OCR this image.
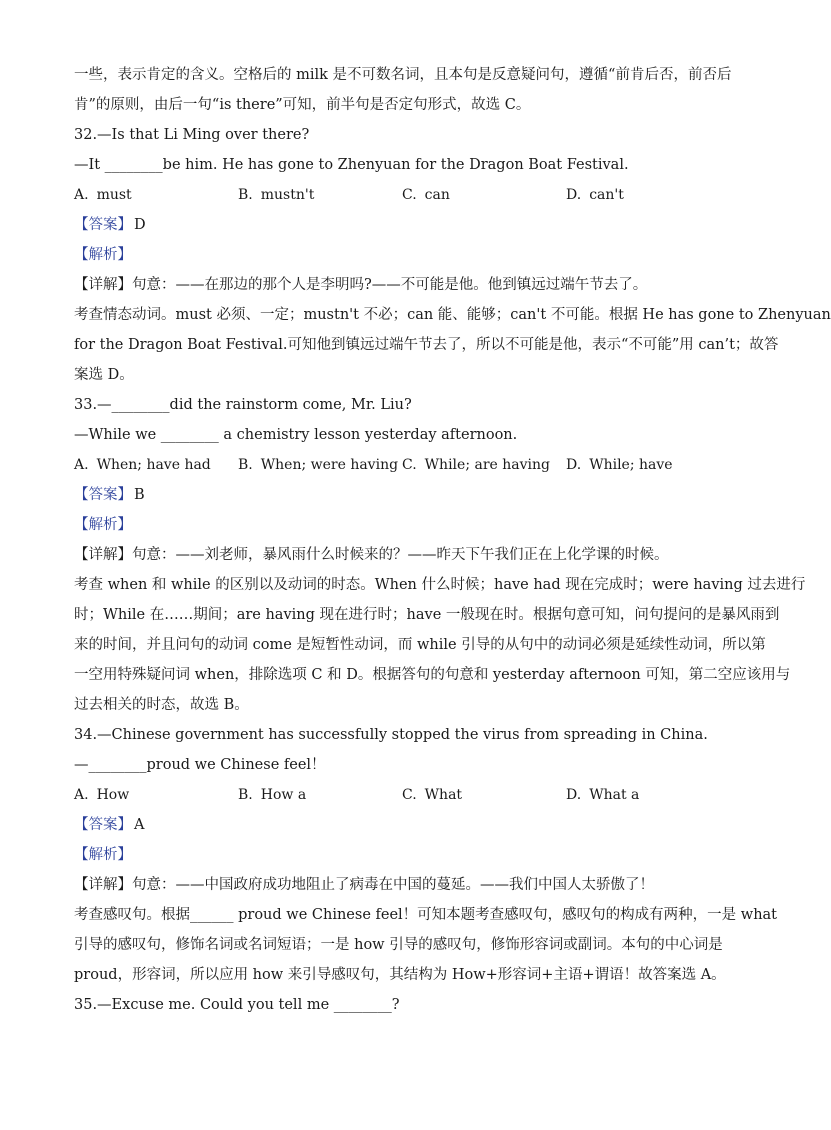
一些，表示肯定的含义。空格后的 milk 是不可数名词，且本句是反意疑问句，遵循“前肯后否，前否后
肯”的原则，由后一句“is there”可知，前半句是否定句形式，故选 C。
32.—Is that Li Ming over there?
—It ________be him. He has gone to Zhenyuan for the Dragon Boat Festival.
A. must	B. mustn't	C. can	D. can't
【答案】 D
【解析】
【详解】句意：——在那边的那个人是李明吗?——不可能是他。他到镇远过端午节去了。
考查情态动词。must 必须、一定；mustn't 不必；can 能、能够；can't 不可能。根据 He has gone to Zhenyuan
for the Dragon Boat Festival.可知他到镇远过端午节去了，所以不可能是他，表示“不可能”用 can’t；故答
案选 D。
33.—________did the rainstorm come, Mr. Liu?
—While we ________ a chemistry lesson yesterday afternoon.
A. When; have had	B. When; were having C. While; are having	D. While; have
【答案】 B
【解析】
【详解】句意：——刘老师，暴风雨什么时候来的？——昨天下午我们正在上化学课的时候。
考查 when 和 while 的区别以及动词的时态。When 什么时候；have had 现在完成时；were having 过去进行
时；While 在……期间；are having 现在进行时；have 一般现在时。根据句意可知，问句提问的是暴风雨到
来的时间，并且问句的动词 come 是短暂性动词，而 while 引导的从句中的动词必须是延续性动词，所以第
一空用特殊疑问词 when，排除选项 C 和 D。根据答句的句意和 yesterday afternoon 可知，第二空应该用与
过去相关的时态，故选 B。
34.—Chinese government has successfully stopped the virus from spreading in China.
—________proud we Chinese feel！
A. How	B. How a	C. What	D. What a
【答案】 A
【解析】
【详解】句意：——中国政府成功地阻止了病毒在中国的蔓延。——我们中国人太骄傲了！
考查感叹句。根据______ proud we Chinese feel！可知本题考查感叹句，感叹句的构成有两种，一是 what
引导的感叹句，修饰名词或名词短语；一是 how 引导的感叹句，修饰形容词或副词。本句的中心词是
proud，形容词，所以应用 how 来引导感叹句，其结构为 How+形容词+主语+谓语！故答案选 A。
35.—Excuse me. Could you tell me ________?
